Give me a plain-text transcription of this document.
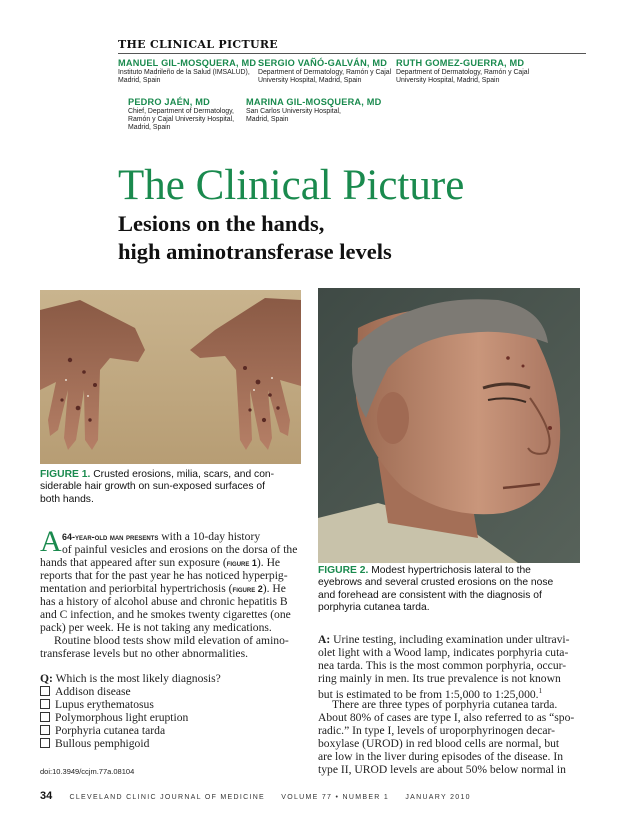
THE CLINICAL PICTURE
MANUEL GIL-MOSQUERA, MD
Instituto Madrileño de la Salud (IMSALUD),
Madrid, Spain
SERGIO VAÑÓ-GALVÁN, MD
Department of Dermatology, Ramón y Cajal
University Hospital, Madrid, Spain
RUTH GOMEZ-GUERRA, MD
Department of Dermatology, Ramón y Cajal
University Hospital, Madrid, Spain
PEDRO JAÉN, MD
Chief, Department of Dermatology,
Ramón y Cajal University Hospital,
Madrid, Spain
MARINA GIL-MOSQUERA, MD
San Carlos University Hospital,
Madrid, Spain
The Clinical Picture
Lesions on the hands,
high aminotransferase levels
FIGURE 1. Crusted erosions, milia, scars, and con-
siderable hair growth on sun-exposed surfaces of
both hands.
FIGURE 2. Modest hypertrichosis lateral to the
eyebrows and several crusted erosions on the nose
and forehead are consistent with the diagnosis of
porphyria cutanea tarda.
A 64-year-old man presents with a 10-day history
of painful vesicles and erosions on the dorsa of the
hands that appeared after sun exposure (figure 1). He
reports that for the past year he has noticed hyperpig-
mentation and periorbital hypertrichosis (figure 2). He
has a history of alcohol abuse and chronic hepatitis B
and C infection, and he smokes twenty cigarettes (one
pack) per week. He is not taking any medications.
Routine blood tests show mild elevation of amino-
transferase levels but no other abnormalities.
Q: Which is the most likely diagnosis?
Addison disease
Lupus erythematosus
Polymorphous light eruption
Porphyria cutanea tarda
Bullous pemphigoid
A: Urine testing, including examination under ultravi-
olet light with a Wood lamp, indicates porphyria cuta-
nea tarda. This is the most common porphyria, occur-
ring mainly in men. Its true prevalence is not known
but is estimated to be from 1:5,000 to 1:25,000.$^1$
There are three types of porphyria cutanea tarda.
About 80% of cases are type I, also referred to as “spo-
radic.” In type I, levels of uroporphyrinogen decar-
boxylase (UROD) in red blood cells are normal, but
are low in the liver during episodes of the disease. In
type II, UROD levels are about 50% below normal in
doi:10.3949/ccjm.77a.08104
34 CLEVELAND CLINIC JOURNAL OF MEDICINE VOLUME 77 • NUMBER 1 JANUARY 2010
